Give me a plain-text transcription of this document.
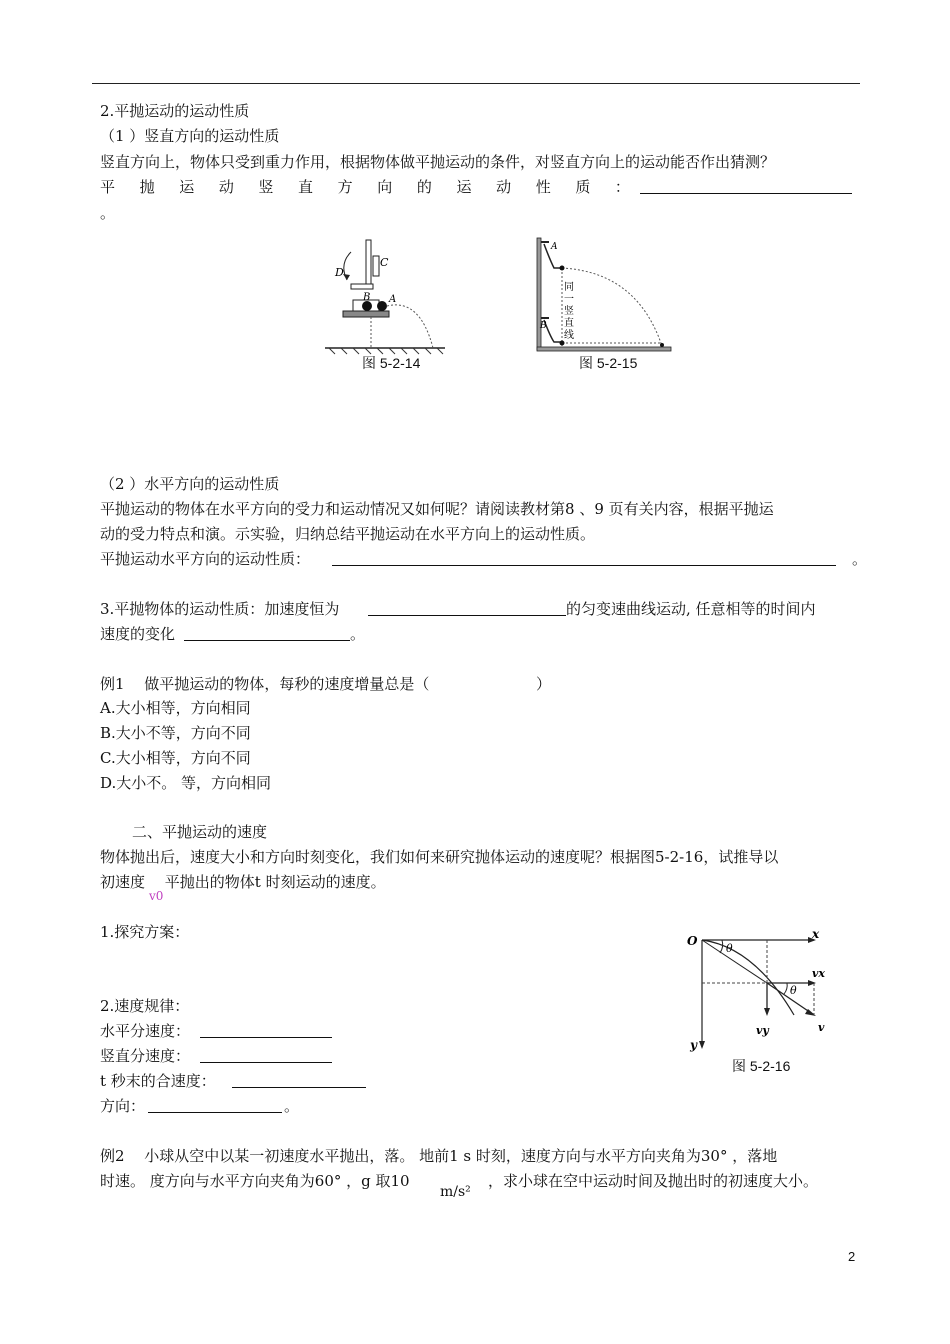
2.平抛运动的运动性质
（1 ）竖直方向的运动性质
竖直方向上，物体只受到重力作用，根据物体做平抛运动的条件，对竖直方向上的运动能否作出猜测？
平 抛 运 动 竖 直 方 向 的 运 动 性 质 ：
。
D
C
B A
图 5-2-14
A
B
同
一
竖
直
线
图 5-2-15
（2 ）水平方向的运动性质
平抛运动的物体在水平方向的受力和运动情况又如何呢？请阅读教材第8 、9 页有关内容，根据平抛运
动的受力特点和演。示实验，归纳总结平抛运动在水平方向上的运动性质。
平抛运动水平方向的运动性质：	。
3.平抛物体的运动性质：加速度恒为	的匀变速曲线运动, 任意相等的时间内
速度的变化	。
例1　 做平抛运动的物体，每秒的速度增量总是（	）
A.大小相等，方向相同
B.大小不等，方向不同
C.大小相等，方向不同
D.大小不。 等，方向相同
二、平抛运动的速度
物体抛出后，速度大小和方向时刻变化，我们如何来研究抛体运动的速度呢？根据图5-2-16，试推导以
初速度　 平抛出的物体t 时刻运动的速度。
v0
1.探究方案：
2.速度规律：
水平分速度：
竖直分速度：
t 秒末的合速度：
方向：	。
O	x
y
θ
θ
vx
vy	v
图 5-2-16
例2　 小球从空中以某一初速度水平抛出，落。 地前1 s 时刻，速度方向与水平方向夹角为30° ，落地
时速。 度方向与水平方向夹角为60° ，g 取10
m/s²
，求小球在空中运动时间及抛出时的初速度大小。
2
